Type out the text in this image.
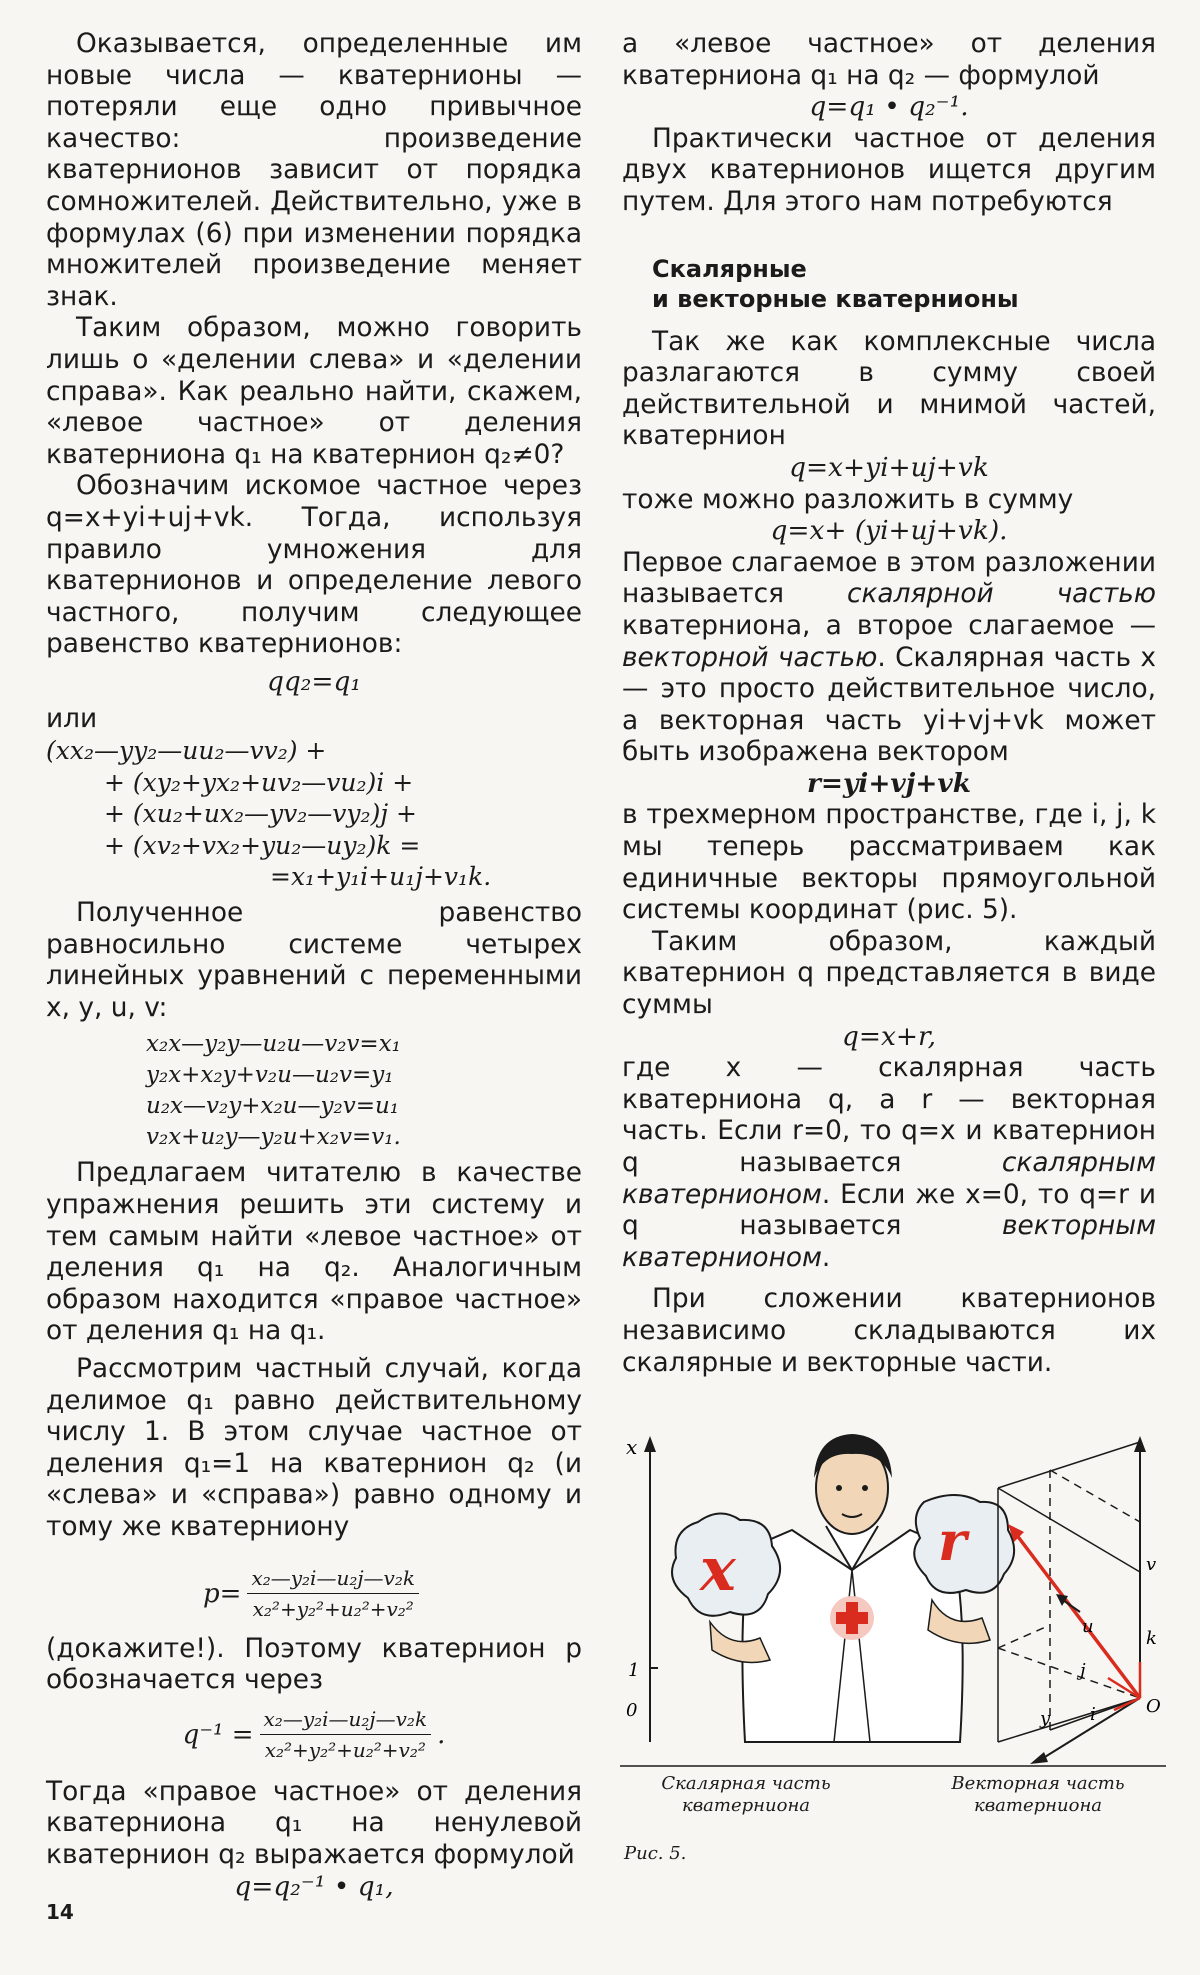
Оказывается, определенные им новые числа — кватернионы — потеряли еще одно привычное качество: произведение кватернионов зависит от порядка сомножителей. Действительно, уже в формулах (6) при изменении порядка множителей произведение меняет знак.

Таким образом, можно говорить лишь о «делении слева» и «делении справа». Как реально найти, скажем, «левое частное» от деления кватерниона q₁ на кватернион q₂≠0?

Обозначим искомое частное через q=x+yi+uj+vk. Тогда, используя правило умножения для кватернионов и определение левого частного, получим следующее равенство кватернионов:

qq₂=q₁

или

(xx₂—yy₂—uu₂—vv₂) +
+ (xy₂+yx₂+uv₂—vu₂)i +
+ (xu₂+ux₂—yv₂—vy₂)j +
+ (xv₂+vx₂+yu₂—uy₂)k =
=x₁+y₁i+u₁j+v₁k.

Полученное равенство равносильно системе четырех линейных уравнений с переменными x, y, u, v:

x₂x—y₂y—u₂u—v₂v=x₁
y₂x+x₂y+v₂u—u₂v=y₁
u₂x—v₂y+x₂u—y₂v=u₁
v₂x+u₂y—y₂u+x₂v=v₁.

Предлагаем читателю в качестве упражнения решить эти систему и тем самым найти «левое частное» от деления q₁ на q₂. Аналогичным образом находится «правое частное» от деления q₁ на q₁.

Рассмотрим частный случай, когда делимое q₁ равно действительному числу 1. В этом случае частное от деления q₁=1 на кватернион q₂ (и «слева» и «справа») равно одному и тому же кватерниону

$p= \frac{\text{x₂—y₂i—u₂j—v₂k}}{\text{x₂²+y₂²+u₂²+v₂²}}$

(докажите!). Поэтому кватернион p обозначается через

$q^{-1} = \frac{\text{x₂—y₂i—u₂j—v₂k}}{\text{x₂²+y₂²+u₂²+v₂²}}$ .

Тогда «правое частное» от деления кватерниона q₁ на ненулевой кватернион q₂ выражается формулой

q=q₂⁻¹ • q₁,

а «левое частное» от деления кватерниона q₁ на q₂ — формулой

q=q₁ • q₂⁻¹.

Практически частное от деления двух кватернионов ищется другим путем. Для этого нам потребуются

Скалярные
и векторные кватернионы

Так же как комплексные числа разлагаются в сумму своей действительной и мнимой частей, кватернион

q=x+yi+uj+vk

тоже можно разложить в сумму

q=x+ (yi+uj+vk).

Первое слагаемое в этом разложении называется скалярной частью кватерниона, а второе слагаемое — векторной частью. Скалярная часть x — это просто действительное число, а векторная часть yi+vj+vk может быть изображена вектором

r=yi+vj+vk

в трехмерном пространстве, где i, j, k мы теперь рассматриваем как единичные векторы прямоугольной системы координат (рис. 5).

Таким образом, каждый кватернион q представляется в виде суммы

q=x+r,

где x — скалярная часть кватерниона q, а r — векторная часть. Если r=0, то q=x и кватернион q называется скалярным кватернионом. Если же x=0, то q=r и q называется векторным кватернионом.

При сложении кватернионов независимо складываются их скалярные и векторные части.

x
1
0
x	r	v
u
k
j
i	O
y
Скалярная часть
кватерниона
Векторная часть
кватерниона
Рис. 5.
14
